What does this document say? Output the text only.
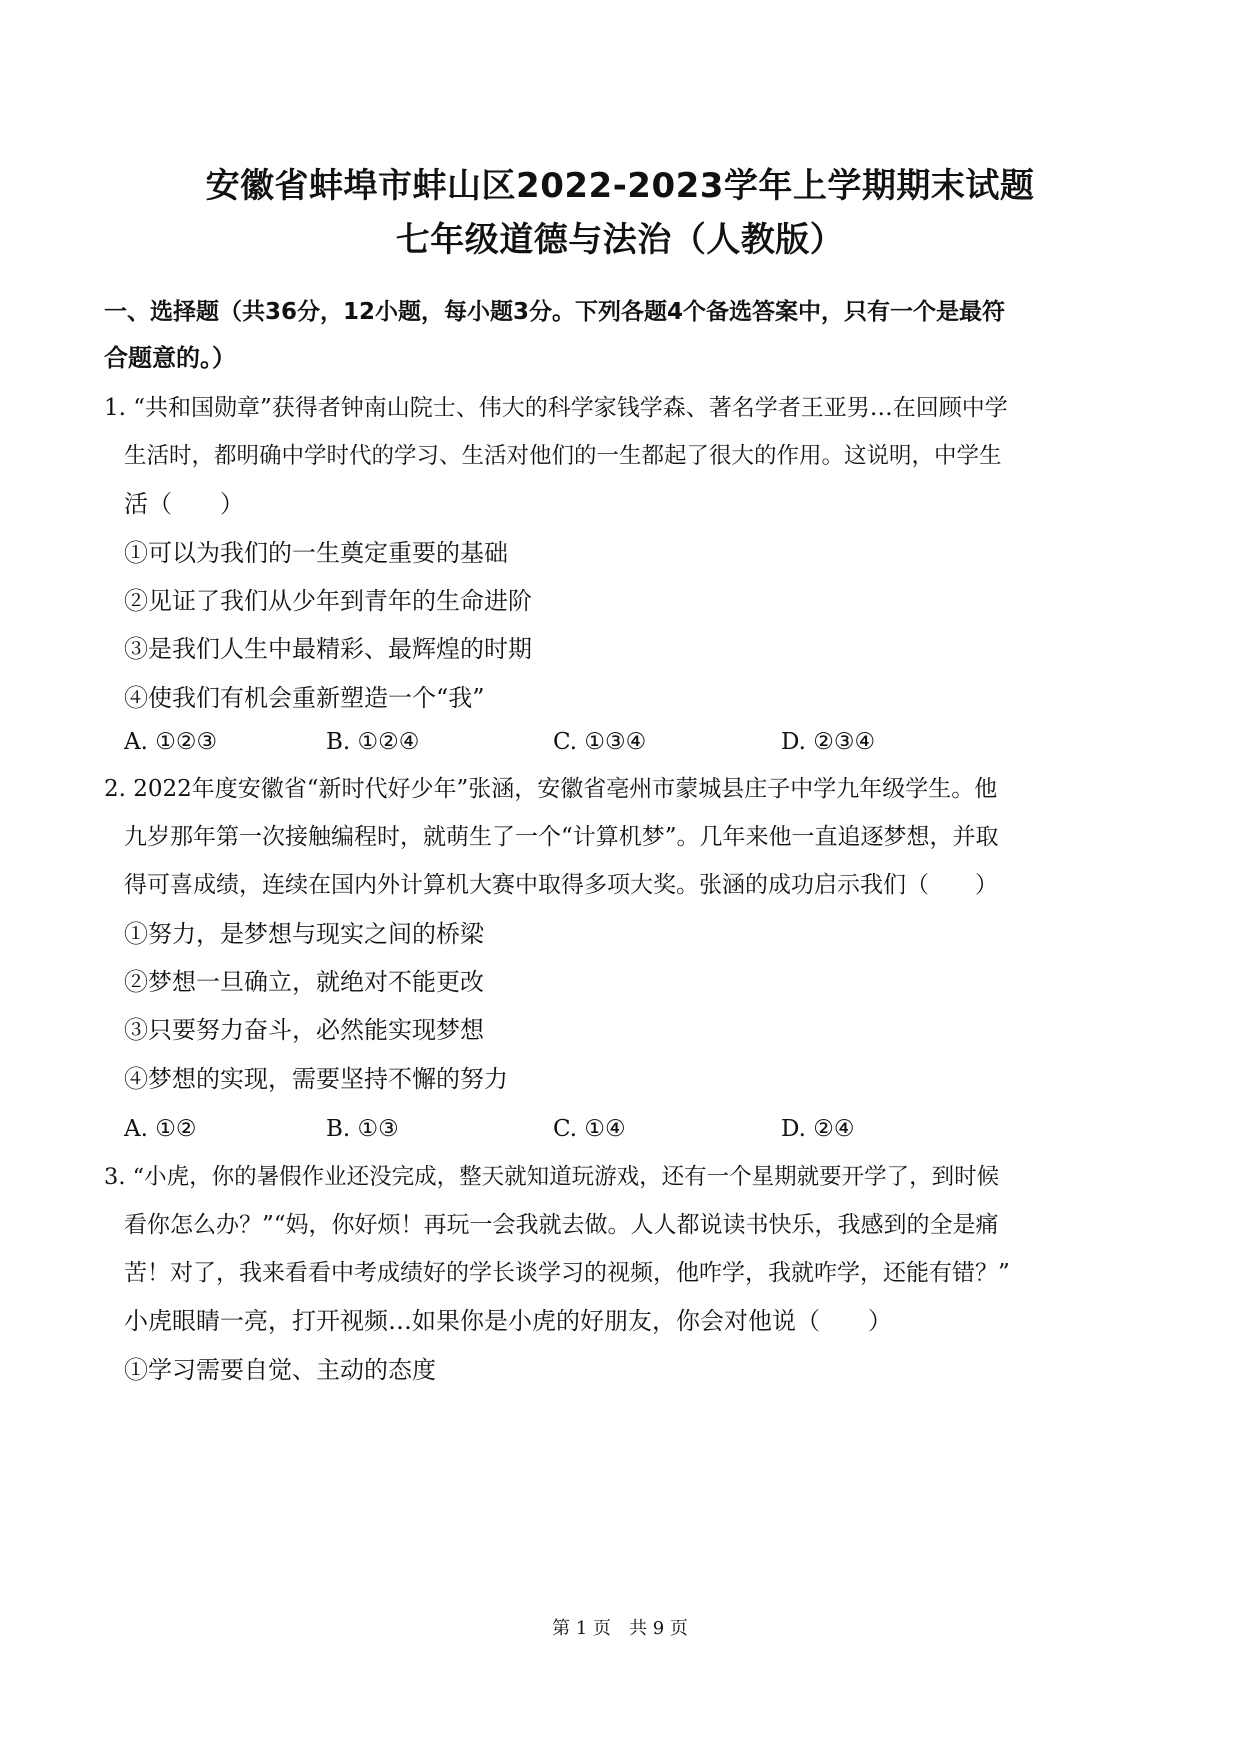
安徽省蚌埠市蚌山区2022-2023学年上学期期末试题
七年级道德与法治（人教版）
一、选择题（共36分，12小题，每小题3分。下列各题4个备选答案中，只有一个是最符
合题意的。）
1. “共和国勋章”获得者钟南山院士、伟大的科学家钱学森、著名学者王亚男…在回顾中学
生活时，都明确中学时代的学习、生活对他们的一生都起了很大的作用。这说明，中学生
活（　　）
①可以为我们的一生奠定重要的基础
②见证了我们从少年到青年的生命进阶
③是我们人生中最精彩、最辉煌的时期
④使我们有机会重新塑造一个“我”
A. ①②③	B. ①②④	C. ①③④	D. ②③④
2. 2022年度安徽省“新时代好少年”张涵，安徽省亳州市蒙城县庄子中学九年级学生。他
九岁那年第一次接触编程时，就萌生了一个“计算机梦”。几年来他一直追逐梦想，并取
得可喜成绩，连续在国内外计算机大赛中取得多项大奖。张涵的成功启示我们（　　）
①努力，是梦想与现实之间的桥梁
②梦想一旦确立，就绝对不能更改
③只要努力奋斗，必然能实现梦想
④梦想的实现，需要坚持不懈的努力
A. ①②	B. ①③	C. ①④	D. ②④
3. “小虎，你的暑假作业还没完成，整天就知道玩游戏，还有一个星期就要开学了，到时候
看你怎么办？”“妈，你好烦！再玩一会我就去做。人人都说读书快乐，我感到的全是痛
苦！对了，我来看看中考成绩好的学长谈学习的视频，他咋学，我就咋学，还能有错？”
小虎眼睛一亮，打开视频…如果你是小虎的好朋友，你会对他说（　　）
①学习需要自觉、主动的态度
第 1 页　共 9 页
